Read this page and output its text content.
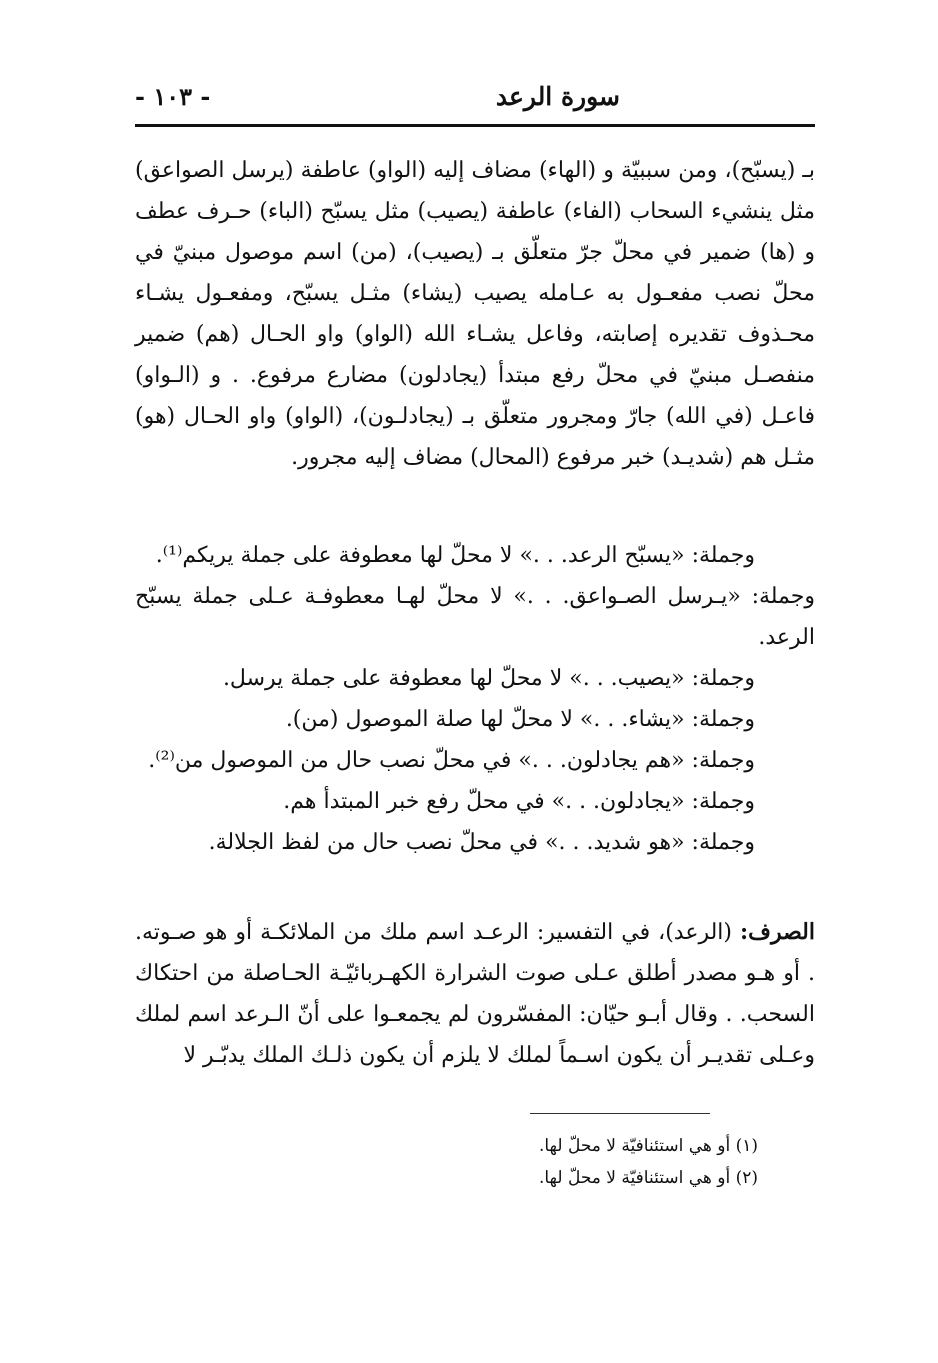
سورة الرعد
- ١٠٣ -
بـ (يسبّح)، ومن سببيّة و (الهاء) مضاف إليه (الواو) عاطفة (يرسل الصواعق) مثل ينشيء السحاب (الفاء) عاطفة (يصيب) مثل يسبّح (الباء) حـرف عطف و (ها) ضمير في محلّ جرّ متعلّق بـ (يصيب)، (من) اسم موصول مبنيّ في محلّ نصب مفعـول به عـامله يصيب (يشاء) مثـل يسبّح، ومفعـول يشـاء محـذوف تقديره إصابته، وفاعل يشـاء الله (الواو) واو الحـال (هم) ضمير منفصـل مبنيّ في محلّ رفع مبتدأ (يجادلون) مضارع مرفوع. . و (الـواو) فاعـل (في الله) جارّ ومجرور متعلّق بـ (يجادلـون)، (الواو) واو الحـال (هو) مثـل هم (شديـد) خبر مرفوع (المحال) مضاف إليه مجرور.
وجملة: «يسبّح الرعد. . .» لا محلّ لها معطوفة على جملة يريكم⁽¹⁾.
وجملة: «يـرسل الصـواعق. . .» لا محلّ لهـا معطوفـة عـلى جملة يسبّح
الرعد.
وجملة: «يصيب. . .» لا محلّ لها معطوفة على جملة يرسل.
وجملة: «يشاء. . .» لا محلّ لها صلة الموصول (من).
وجملة: «هم يجادلون. . .» في محلّ نصب حال من الموصول من⁽²⁾.
وجملة: «يجادلون. . .» في محلّ رفع خبر المبتدأ هم.
وجملة: «هو شديد. . .» في محلّ نصب حال من لفظ الجلالة.
الصرف: (الرعد)، في التفسير: الرعـد اسم ملك من الملائكـة أو هو صـوته. . أو هـو مصدر أطلق عـلى صوت الشرارة الكهـربائيّـة الحـاصلة من احتكاك السحب. . وقال أبـو حيّان: المفسّرون لم يجمعـوا على أنّ الـرعد اسم لملك وعـلى تقديـر أن يكون اسـماً لملك لا يلزم أن يكون ذلـك الملك يدبّـر لا
(١) أو هي استئنافيّة لا محلّ لها.
(٢) أو هي استئنافيّة لا محلّ لها.
